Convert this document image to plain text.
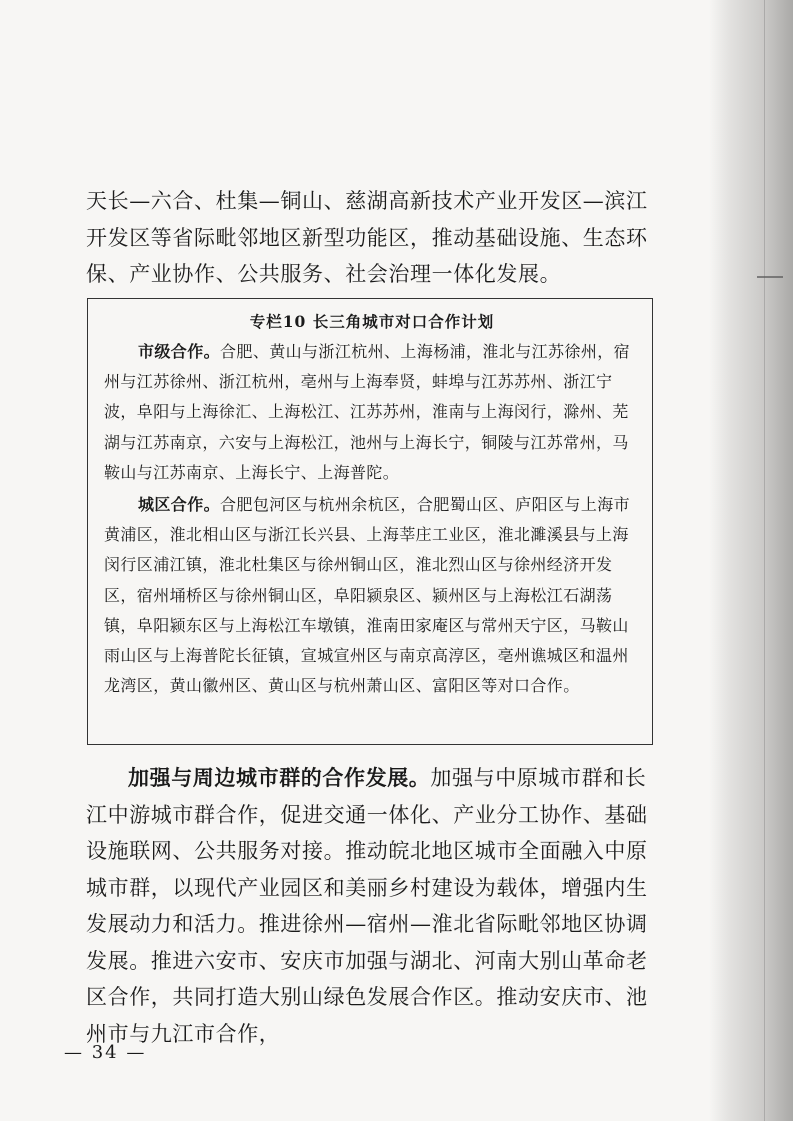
天长—六合、杜集—铜山、慈湖高新技术产业开发区—滨江开发区等省际毗邻地区新型功能区，推动基础设施、生态环保、产业协作、公共服务、社会治理一体化发展。

专栏10 长三角城市对口合作计划

市级合作。合肥、黄山与浙江杭州、上海杨浦，淮北与江苏徐州，宿州与江苏徐州、浙江杭州，亳州与上海奉贤，蚌埠与江苏苏州、浙江宁波，阜阳与上海徐汇、上海松江、江苏苏州，淮南与上海闵行，滁州、芜湖与江苏南京，六安与上海松江，池州与上海长宁，铜陵与江苏常州，马鞍山与江苏南京、上海长宁、上海普陀。

城区合作。合肥包河区与杭州余杭区，合肥蜀山区、庐阳区与上海市黄浦区，淮北相山区与浙江长兴县、上海莘庄工业区，淮北濉溪县与上海闵行区浦江镇，淮北杜集区与徐州铜山区，淮北烈山区与徐州经济开发区，宿州埇桥区与徐州铜山区，阜阳颍泉区、颍州区与上海松江石湖荡镇，阜阳颍东区与上海松江车墩镇，淮南田家庵区与常州天宁区，马鞍山雨山区与上海普陀长征镇，宣城宣州区与南京高淳区，亳州谯城区和温州龙湾区，黄山徽州区、黄山区与杭州萧山区、富阳区等对口合作。

加强与周边城市群的合作发展。加强与中原城市群和长江中游城市群合作，促进交通一体化、产业分工协作、基础设施联网、公共服务对接。推动皖北地区城市全面融入中原城市群，以现代产业园区和美丽乡村建设为载体，增强内生发展动力和活力。推进徐州—宿州—淮北省际毗邻地区协调发展。推进六安市、安庆市加强与湖北、河南大别山革命老区合作，共同打造大别山绿色发展合作区。推动安庆市、池州市与九江市合作，

— 34 —
